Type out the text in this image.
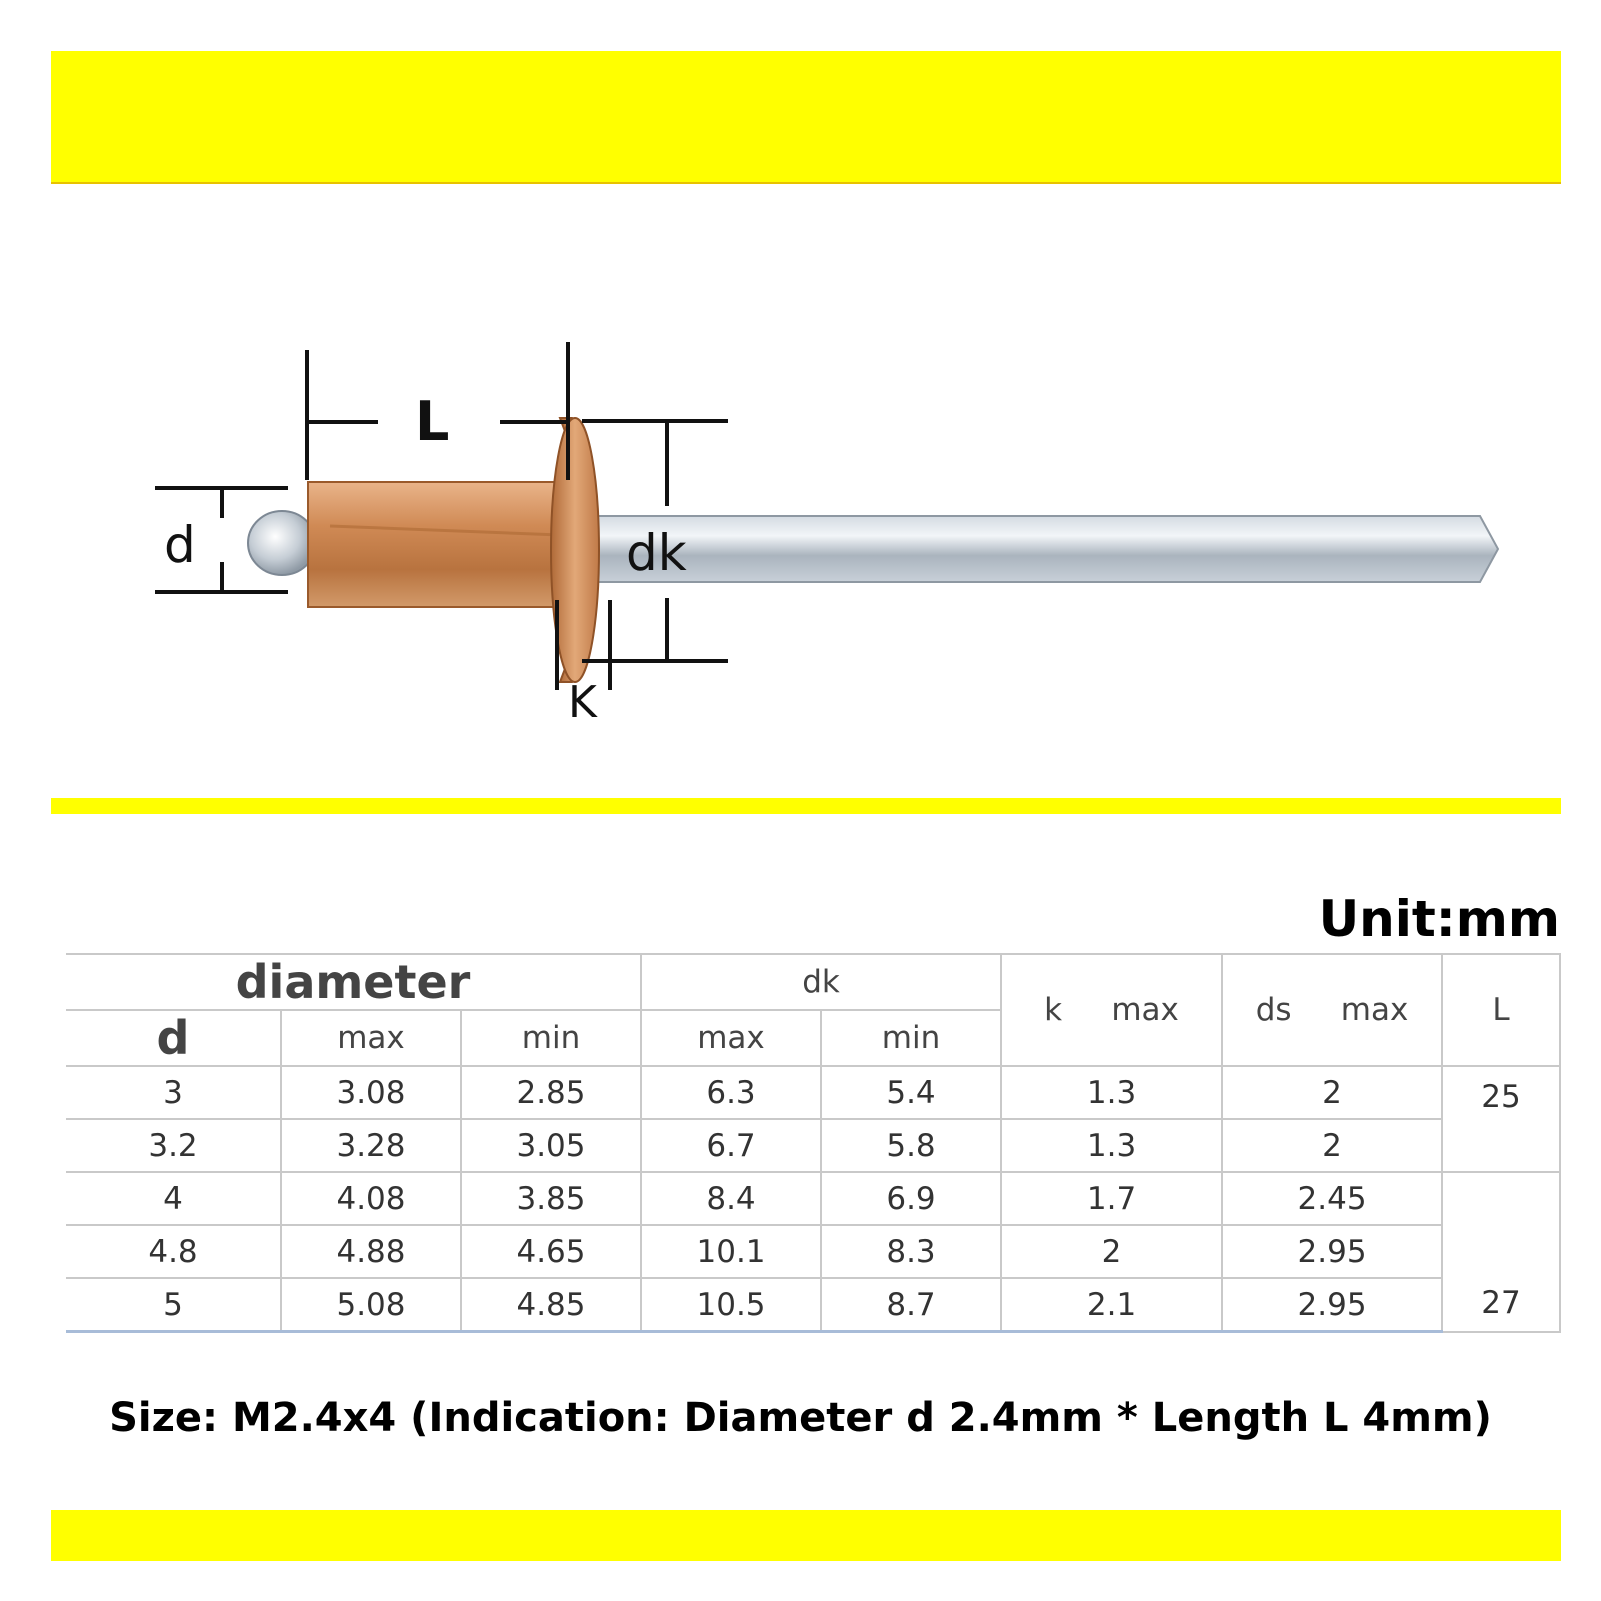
L
d	dk
K
Unit:mm
diameter			dk		k     max	ds     max	L
d	max	min	max	min			
3	3.08	2.85	6.3	5.4	1.3	2	25
3.2	3.28	3.05	6.7	5.8	1.3	2	
4	4.08	3.85	8.4	6.9	1.7	2.45	27
4.8	4.88	4.65	10.1	8.3	2	2.95	
5	5.08	4.85	10.5	8.7	2.1	2.95	
Size: M2.4x4 (Indication: Diameter d 2.4mm * Length L 4mm)
